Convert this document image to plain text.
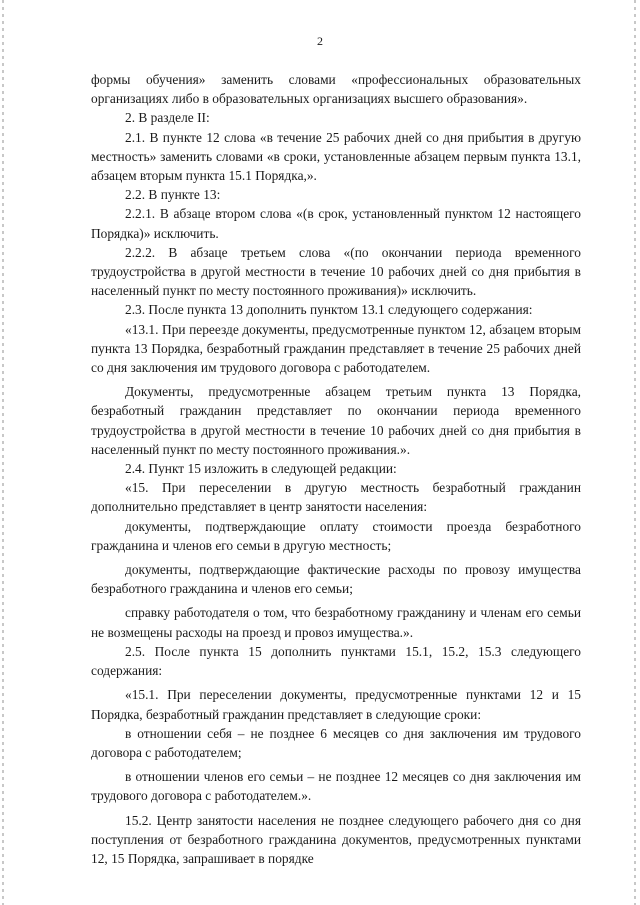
2

формы обучения» заменить словами «профессиональных образовательных организациях либо в образовательных организациях высшего образования».

2. В разделе II:

2.1. В пункте 12 слова «в течение 25 рабочих дней со дня прибытия в другую местность» заменить словами «в сроки, установленные абзацем первым пункта 13.1, абзацем вторым пункта 15.1 Порядка,».

2.2. В пункте 13:

2.2.1. В абзаце втором слова «(в срок, установленный пунктом 12 настоящего Порядка)» исключить.

2.2.2. В абзаце третьем слова «(по окончании периода временного трудоустройства в другой местности в течение 10 рабочих дней со дня прибытия в населенный пункт по месту постоянного проживания)» исключить.

2.3. После пункта 13 дополнить пунктом 13.1 следующего содержания:

«13.1. При переезде документы, предусмотренные пунктом 12, абзацем вторым пункта 13 Порядка, безработный гражданин представляет в течение 25 рабочих дней со дня заключения им трудового договора с работодателем.

Документы, предусмотренные абзацем третьим пункта 13 Порядка, безработный гражданин представляет по окончании периода временного трудоустройства в другой местности в течение 10 рабочих дней со дня прибытия в населенный пункт по месту постоянного проживания.».

2.4. Пункт 15 изложить в следующей редакции:

«15. При переселении в другую местность безработный гражданин дополнительно представляет в центр занятости населения:

документы, подтверждающие оплату стоимости проезда безработного гражданина и членов его семьи в другую местность;

документы, подтверждающие фактические расходы по провозу имущества безработного гражданина и членов его семьи;

справку работодателя о том, что безработному гражданину и членам его семьи не возмещены расходы на проезд и провоз имущества.».

2.5. После пункта 15 дополнить пунктами 15.1, 15.2, 15.3 следующего содержания:

«15.1. При переселении документы, предусмотренные пунктами 12 и 15 Порядка, безработный гражданин представляет в следующие сроки:

в отношении себя – не позднее 6 месяцев со дня заключения им трудового договора с работодателем;

в отношении членов его семьи – не позднее 12 месяцев со дня заключения им трудового договора с работодателем.».

15.2. Центр занятости населения не позднее следующего рабочего дня со дня поступления от безработного гражданина документов, предусмотренных пунктами 12, 15 Порядка, запрашивает в порядке
